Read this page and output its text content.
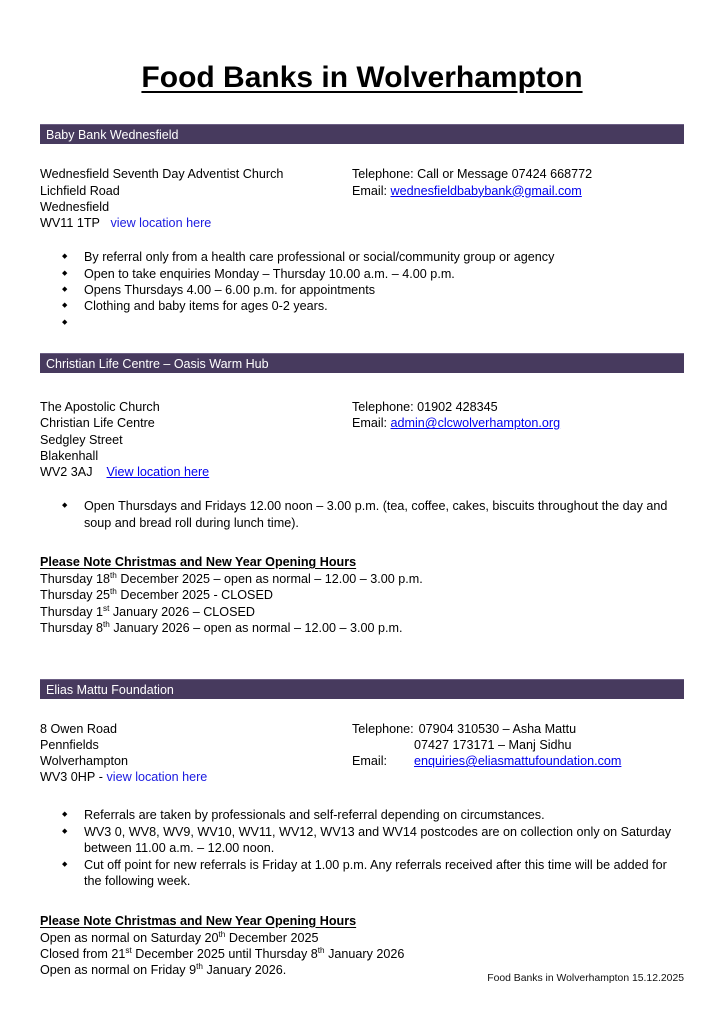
Food Banks in Wolverhampton
Baby Bank Wednesfield
Wednesfield Seventh Day Adventist Church
Lichfield Road
Wednesfield
WV11 1TP view location here
Telephone: Call or Message 07424 668772
Email: wednesfieldbabybank@gmail.com
◆ By referral only from a health care professional or social/community group or agency
◆ Open to take enquiries Monday – Thursday 10.00 a.m. – 4.00 p.m.
◆ Opens Thursdays 4.00 – 6.00 p.m. for appointments
◆ Clothing and baby items for ages 0-2 years.
◆
Christian Life Centre – Oasis Warm Hub
The Apostolic Church
Christian Life Centre
Sedgley Street
Blakenhall
WV2 3AJ View location here
Telephone: 01902 428345
Email: admin@clcwolverhampton.org
◆ Open Thursdays and Fridays 12.00 noon – 3.00 p.m. (tea, coffee, cakes, biscuits throughout the day and soup and bread roll during lunch time).
Please Note Christmas and New Year Opening Hours
Thursday 18th December 2025 – open as normal – 12.00 – 3.00 p.m.
Thursday 25th December 2025 - CLOSED
Thursday 1st January 2026 – CLOSED
Thursday 8th January 2026 – open as normal – 12.00 – 3.00 p.m.
Elias Mattu Foundation
8 Owen Road
Pennfields
Wolverhampton
WV3 0HP - view location here
Telephone: 07904 310530 – Asha Mattu
07427 173171 – Manj Sidhu
Email:	enquiries@eliasmattufoundation.com
◆ Referrals are taken by professionals and self-referral depending on circumstances.
◆ WV3 0, WV8, WV9, WV10, WV11, WV12, WV13 and WV14 postcodes are on collection only on Saturday between 11.00 a.m. – 12.00 noon.
◆ Cut off point for new referrals is Friday at 1.00 p.m. Any referrals received after this time will be added for the following week.
Please Note Christmas and New Year Opening Hours
Open as normal on Saturday 20th December 2025
Closed from 21st December 2025 until Thursday 8th January 2026
Open as normal on Friday 9th January 2026.
Food Banks in Wolverhampton 15.12.2025
